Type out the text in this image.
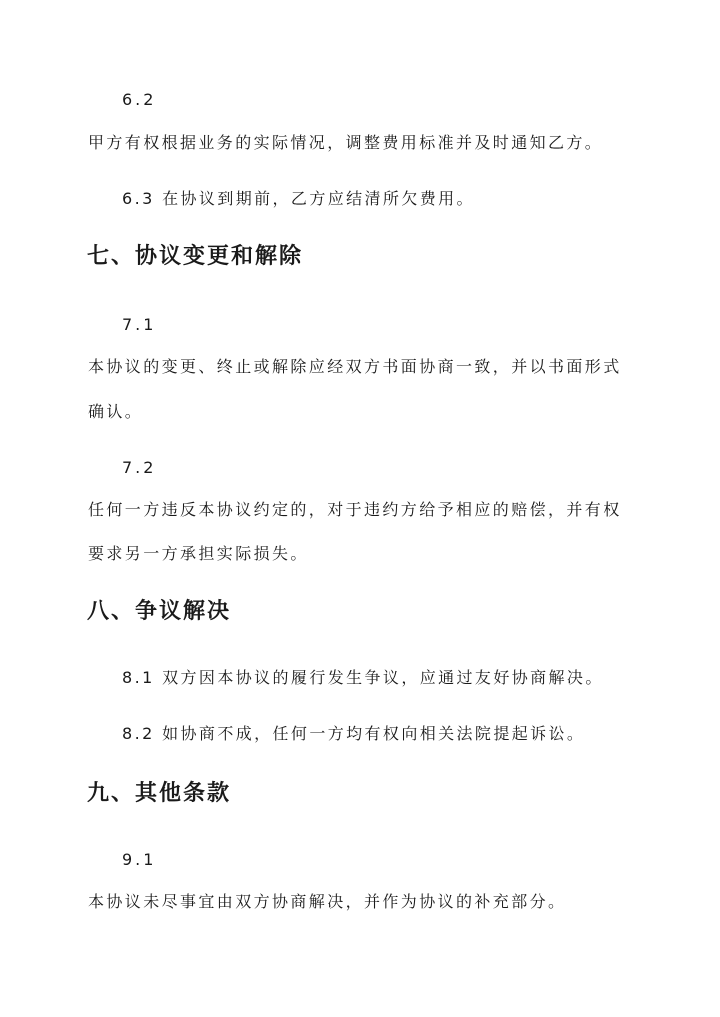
6.2
甲方有权根据业务的实际情况，调整费用标准并及时通知乙方。
6.3 在协议到期前，乙方应结清所欠费用。
七、协议变更和解除
7.1
本协议的变更、终止或解除应经双方书面协商一致，并以书面形式
确认。
7.2
任何一方违反本协议约定的，对于违约方给予相应的赔偿，并有权
要求另一方承担实际损失。
八、争议解决
8.1 双方因本协议的履行发生争议，应通过友好协商解决。
8.2 如协商不成，任何一方均有权向相关法院提起诉讼。
九、其他条款
9.1
本协议未尽事宜由双方协商解决，并作为协议的补充部分。
